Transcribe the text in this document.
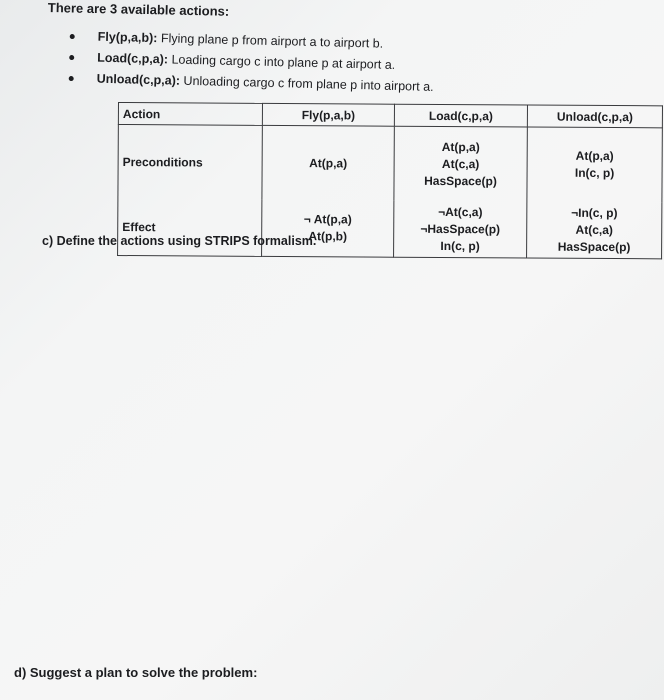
There are 3 available actions:
Fly(p,a,b): Flying plane p from airport a to airport b.
Load(c,p,a): Loading cargo c into plane p at airport a.
Unload(c,p,a): Unloading cargo c from plane p into airport a.
Action	Fly(p,a,b)	Load(c,p,a)	Unload(c,p,a)

Preconditions	At(p,a)	At(p,a)
At(c,a)
HasSpace(p)	At(p,a)
In(c, p)

Effect	¬ At(p,a)
At(p,b)	¬At(c,a)
¬HasSpace(p)
In(c, p)	¬In(c, p)
At(c,a)
HasSpace(p)
c) Define the actions using STRIPS formalism.
d) Suggest a plan to solve the problem:
